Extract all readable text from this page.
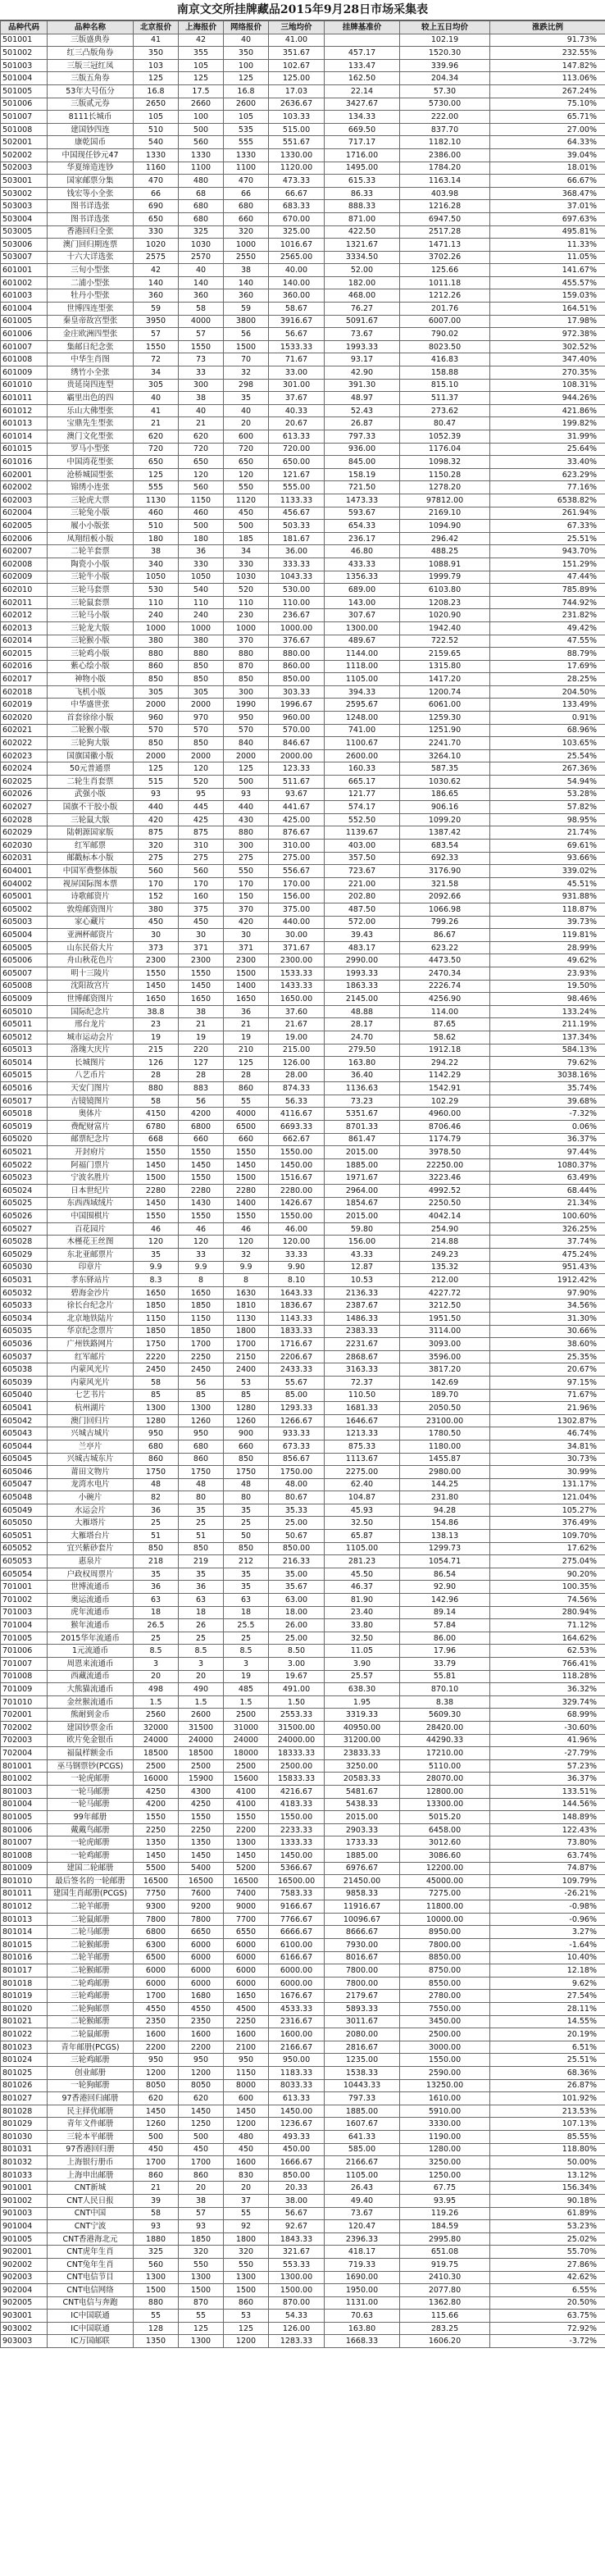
南京文交所挂牌藏品2015年9月28日市场采集表
品种代码	品种名称	北京报价	上海报价	网络报价	三地均价	挂牌基准价	较上五日均价	涨跌比例
501001	三版盛典券	41	42	40	41.00		102.19	91.73%
501002	红三凸版角券	350	355	350	351.67	457.17	1520.30	232.55%
501003	三版三冠红凤	103	105	100	102.67	133.47	339.96	147.82%
501004	三版五角券	125	125	125	125.00	162.50	204.34	113.06%
501005	53年大号伍分	16.8	17.5	16.8	17.03	22.14	57.30	267.24%
501006	三版贰元券	2650	2660	2600	2636.67	3427.67	5730.00	75.10%
501007	8111长城币	105	100	105	103.33	134.33	222.00	65.71%
501008	建国钞四连	510	500	535	515.00	669.50	837.70	27.00%
502001	康乾国币	540	560	555	551.67	717.17	1182.10	64.33%
502002	中国现任钞元47	1330	1330	1330	1330.00	1716.00	2386.00	39.04%
502003	华夏缔造连钞	1160	1100	1100	1120.00	1495.00	1784.20	18.01%
503001	国家邮票分集	470	480	470	473.33	615.33	1163.14	66.67%
503002	钱宏等小全张	66	68	66	66.67	86.33	403.98	368.47%
503003	图书详选张	690	680	680	683.33	888.33	1216.28	37.01%
503004	图书详选张	650	680	660	670.00	871.00	6947.50	697.63%
503005	香港回归全张	330	325	320	325.00	422.50	2517.28	495.81%
503006	澳门回归期连票	1020	1030	1000	1016.67	1321.67	1471.13	11.33%
503007	十六大详选张	2575	2570	2550	2565.00	3334.50	3702.26	11.05%
601001	三旬小型张	42	40	38	40.00	52.00	125.66	141.67%
601002	二浦小型张	140	140	140	140.00	182.00	1011.18	455.57%
601003	牡丹小型张	360	360	360	360.00	468.00	1212.26	159.03%
601004	世博四连型张	59	58	59	58.67	76.27	201.76	164.51%
601005	秦皇帝故宫型张	3950	4000	3800	3916.67	5091.67	6007.00	17.98%
601006	金庄欧洲四型张	57	57	56	56.67	73.67	790.02	972.38%
601007	集邮日纪念张	1550	1550	1500	1533.33	1993.33	8023.50	302.52%
601008	中华生肖图	72	73	70	71.67	93.17	416.83	347.40%
601009	绣竹小全张	34	33	32	33.00	42.90	158.88	270.35%
601010	贵延岗四连型	305	300	298	301.00	391.30	815.10	108.31%
601011	霸里出色的四	40	38	35	37.67	48.97	511.37	944.26%
601012	乐山大佛型张	41	40	40	40.33	52.43	273.62	421.86%
601013	宝鼎先生型张	21	21	20	20.67	26.87	80.47	199.82%
601014	澳门文化型张	620	620	600	613.33	797.33	1052.39	31.99%
601015	罗马小型张	720	720	720	720.00	936.00	1176.04	25.64%
601016	中国湾花型张	650	650	650	650.00	845.00	1098.32	33.40%
602001	沧桥城国型张	125	120	120	121.67	158.19	1150.28	623.29%
602002	锦绣小连张	555	560	550	555.00	721.50	1278.20	77.16%
602003	三轮虎大票	1130	1150	1120	1133.33	1473.33	97812.00	6538.82%
602004	三轮兔小版	460	460	450	456.67	593.67	2169.10	261.94%
602005	履小小版张	510	500	500	503.33	654.33	1094.90	67.33%
602006	凤翔纽板小版	180	180	185	181.67	236.17	296.42	25.51%
602007	二轮羊套票	38	36	34	36.00	46.80	488.25	943.70%
602008	陶瓷小小版	340	330	330	333.33	433.33	1088.91	151.29%
602009	三轮牛小版	1050	1050	1030	1043.33	1356.33	1999.79	47.44%
602010	三轮马套票	530	540	520	530.00	689.00	6103.80	785.89%
602011	三轮鼠套票	110	110	110	110.00	143.00	1208.23	744.92%
602012	三轮马小版	240	240	230	236.67	307.67	1020.90	231.82%
602013	三轮龙大版	1000	1000	1000	1000.00	1300.00	1942.40	49.42%
602014	三轮猴小版	380	380	370	376.67	489.67	722.52	47.55%
602015	三轮鸡小版	880	880	880	880.00	1144.00	2159.65	88.79%
602016	紫心绘小版	860	850	870	860.00	1118.00	1315.80	17.69%
602017	神物小版	850	850	850	850.00	1105.00	1417.20	28.25%
602018	飞机小版	305	305	300	303.33	394.33	1200.74	204.50%
602019	中华盛世张	2000	2000	1990	1996.67	2595.67	6061.00	133.49%
602020	首套徐徐小版	960	970	950	960.00	1248.00	1259.30	0.91%
602021	二轮猴小版	570	570	570	570.00	741.00	1251.90	68.96%
602022	三轮狗大版	850	850	840	846.67	1100.67	2241.70	103.65%
602023	国旗国徽小版	2000	2000	2000	2000.00	2600.00	3264.10	25.54%
602024	50元普通票	125	120	125	123.33	160.33	587.35	267.36%
602025	二轮生肖套票	515	520	500	511.67	665.17	1030.62	54.94%
602026	武强小版	93	95	93	93.67	121.77	186.65	53.28%
602027	国旗不干胶小版	440	445	440	441.67	574.17	906.16	57.82%
602028	三轮鼠大版	420	425	430	425.00	552.50	1099.20	98.95%
602029	陆朝源国家版	875	875	880	876.67	1139.67	1387.42	21.74%
602030	红军邮票	320	310	300	310.00	403.00	683.54	69.61%
602031	邮戳标本小版	275	275	275	275.00	357.50	692.33	93.66%
604001	中国军费整体版	560	560	550	556.67	723.67	3176.90	339.02%
604002	视屏国际图本票	170	170	170	170.00	221.00	321.58	45.51%
605001	诗歌邮资片	152	160	150	156.00	202.80	2092.66	931.88%
605002	敦煌邮资图片	380	375	370	375.00	487.50	1066.98	118.87%
605003	家心藏片	450	450	420	440.00	572.00	799.26	39.73%
605004	亚洲杯邮资片	30	30	30	30.00	39.43	86.67	119.81%
605005	山东民俗大片	373	371	371	371.67	483.17	623.22	28.99%
605006	舟山秋花色片	2300	2300	2300	2300.00	2990.00	4473.50	49.62%
605007	明十三陵片	1550	1550	1500	1533.33	1993.33	2470.34	23.93%
605008	沈阳故宫片	1450	1450	1400	1433.33	1863.33	2226.74	19.50%
605009	世博邮资图片	1650	1650	1650	1650.00	2145.00	4256.90	98.46%
605010	国际纪念片	38.8	38	36	37.60	48.88	114.00	133.24%
605011	邢台龙片	23	21	21	21.67	28.17	87.65	211.19%
605012	城市运动会片	19	19	19	19.00	24.70	58.62	137.34%
605013	洛瑰大庆片	215	220	210	215.00	279.50	1912.18	584.13%
605014	长城图片	126	127	125	126.00	163.80	294.22	79.62%
605015	八艺币片	28	28	28	28.00	36.40	1142.29	3038.16%
605016	天安门图片	880	883	860	874.33	1136.63	1542.91	35.74%
605017	古镜镜图片	58	56	55	56.33	73.23	102.29	39.68%
605018	奥体片	4150	4200	4000	4116.67	5351.67	4960.00	-7.32%
605019	费配财富片	6780	6800	6500	6693.33	8701.33	8706.46	0.06%
605020	邮票纪念片	668	660	660	662.67	861.47	1174.79	36.37%
605021	开封府片	1550	1550	1550	1550.00	2015.00	3978.50	97.44%
605022	阿福门票片	1450	1450	1450	1450.00	1885.00	22250.00	1080.37%
605023	宁波名胜片	1500	1550	1500	1516.67	1971.67	3223.46	63.49%
605024	日本世纪片	2280	2280	2280	2280.00	2964.00	4992.52	68.44%
605025	东西西域绒片	1450	1430	1400	1426.67	1854.67	2250.50	21.34%
605026	中国围棋片	1550	1550	1550	1550.00	2015.00	4042.14	100.60%
605027	百花园片	46	46	46	46.00	59.80	254.90	326.25%
605028	木槿花王丝图	120	120	120	120.00	156.00	214.88	37.74%
605029	东北亚邮票片	35	33	32	33.33	43.33	249.23	475.24%
605030	印章片	9.9	9.9	9.9	9.90	12.87	135.32	951.43%
605031	孝东驿站片	8.3	8	8	8.10	10.53	212.00	1912.42%
605032	碧海金沙片	1650	1650	1630	1643.33	2136.33	4227.72	97.90%
605033	徐长台纪念片	1850	1850	1810	1836.67	2387.67	3212.50	34.56%
605034	北京地铁陆片	1150	1150	1130	1143.33	1486.33	1951.50	31.30%
605035	华京纪念票片	1850	1850	1800	1833.33	2383.33	3114.00	30.66%
605036	广州铁路网片	1750	1700	1700	1716.67	2231.67	3093.00	38.60%
605037	红军邮片	2220	2250	2150	2206.67	2868.67	3596.00	25.35%
605038	内蒙风光片	2450	2450	2400	2433.33	3163.33	3817.20	20.67%
605039	内蒙风光片	58	56	53	55.67	72.37	142.69	97.15%
605040	七艺书片	85	85	85	85.00	110.50	189.70	71.67%
605041	杭州湖片	1300	1300	1280	1293.33	1681.33	2050.50	21.96%
605042	澳门回归片	1280	1260	1260	1266.67	1646.67	23100.00	1302.87%
605043	兴城古城片	950	950	900	933.33	1213.33	1780.50	46.74%
605044	兰亭片	680	680	660	673.33	875.33	1180.00	34.81%
605045	兴城古城东片	860	860	850	856.67	1113.67	1455.87	30.73%
605046	莆田文物片	1750	1750	1750	1750.00	2275.00	2980.00	30.99%
605047	龙湾水电片	48	48	48	48.00	62.40	144.25	131.17%
605048	小碗片	82	80	80	80.67	104.87	231.80	121.04%
605049	水运会片	36	35	35	35.33	45.93	94.28	105.27%
605050	大雁塔片	25	25	25	25.00	32.50	154.86	376.49%
605051	大雁塔台片	51	51	50	50.67	65.87	138.13	109.70%
605052	宜兴紫砂套片	850	850	850	850.00	1105.00	1299.73	17.62%
605053	惠泉片	218	219	212	216.33	281.23	1054.71	275.04%
605054	户政权周票片	35	35	35	35.00	45.50	86.54	90.20%
701001	世博流通币	36	36	35	35.67	46.37	92.90	100.35%
701002	奥运流通币	63	63	63	63.00	81.90	142.96	74.56%
701003	虎年流通币	18	18	18	18.00	23.40	89.14	280.94%
701004	猴年流通币	26.5	26	25.5	26.00	33.80	57.84	71.12%
701005	2015华年流通币	25	25	25	25.00	32.50	86.00	164.62%
701006	1元流通币	8.5	8.5	8.5	8.50	11.05	17.96	62.53%
701007	周恩来流通币	3	3	3	3.00	3.90	33.79	766.41%
701008	西藏流通币	20	20	19	19.67	25.57	55.81	118.28%
701009	大熊猫流通币	498	490	485	491.00	638.30	870.10	36.32%
701010	金丝猴流通币	1.5	1.5	1.5	1.50	1.95	8.38	329.74%
702001	熊耐到金币	2560	2600	2500	2553.33	3319.33	5609.30	68.99%
702002	建国钞票金币	32000	31500	31000	31500.00	40950.00	28420.00	-30.60%
702003	欧片免金银币	24000	24000	24000	24000.00	31200.00	44290.33	41.96%
702004	福鼠样额金币	18500	18500	18000	18333.33	23833.33	17210.00	-27.79%
801001	巫马钢票钞(PCGS)	2500	2500	2500	2500.00	3250.00	5110.00	57.23%
801002	一轮虎邮册	16000	15900	15600	15833.33	20583.33	28070.00	36.37%
801003	一轮马邮册	4250	4300	4100	4216.67	5481.67	12800.00	133.51%
801004	一轮马邮册	4200	4250	4100	4183.33	5438.33	13300.00	144.56%
801005	99年邮册	1550	1550	1550	1550.00	2015.00	5015.20	148.89%
801006	戴戴鸟邮册	2250	2250	2200	2233.33	2903.33	6458.00	122.43%
801007	一轮虎邮册	1350	1350	1300	1333.33	1733.33	3012.60	73.80%
801008	一轮鸡邮册	1450	1450	1450	1450.00	1885.00	3086.60	63.74%
801009	建国二轮邮册	5500	5400	5200	5366.67	6976.67	12200.00	74.87%
801010	最后签名的一轮邮册	16500	16500	16500	16500.00	21450.00	45000.00	109.79%
801011	建国生肖邮册(PCGS)	7750	7600	7400	7583.33	9858.33	7275.00	-26.21%
801012	二轮羊邮册	9300	9200	9000	9166.67	11916.67	11800.00	-0.98%
801013	二轮鼠邮册	7800	7800	7700	7766.67	10096.67	10000.00	-0.96%
801014	二轮马邮册	6800	6650	6550	6666.67	8666.67	8950.00	3.27%
801015	二轮猴邮册	6300	6000	6000	6100.00	7930.00	7800.00	-1.64%
801016	二轮羊邮册	6500	6000	6000	6166.67	8016.67	8850.00	10.40%
801017	二轮猴邮册	6000	6000	6000	6000.00	7800.00	8750.00	12.18%
801018	二轮鸡邮册	6000	6000	6000	6000.00	7800.00	8550.00	9.62%
801019	三轮鸡邮册	1700	1680	1650	1676.67	2179.67	2780.00	27.54%
801020	二轮狗邮票	4550	4550	4500	4533.33	5893.33	7550.00	28.11%
801021	二轮猴邮册	2350	2350	2250	2316.67	3011.67	3450.00	14.55%
801022	二轮鼠邮册	1600	1600	1600	1600.00	2080.00	2500.00	20.19%
801023	青年邮册(PCGS)	2200	2200	2100	2166.67	2816.67	3000.00	6.51%
801024	三轮鸡邮册	950	950	950	950.00	1235.00	1550.00	25.51%
801025	创业邮册	1200	1200	1150	1183.33	1538.33	2590.00	68.36%
801026	一轮狗邮册	8050	8050	8000	8033.33	10443.33	13250.00	26.87%
801027	97香港回归邮册	620	620	600	613.33	797.33	1610.00	101.92%
801028	民主择优邮册	1450	1450	1450	1450.00	1885.00	5910.00	213.53%
801029	青年文件邮册	1260	1250	1200	1236.67	1607.67	3330.00	107.13%
801030	三轮本平邮册	500	500	480	493.33	641.33	1190.00	85.55%
801031	97香港回归册	450	450	450	450.00	585.00	1280.00	118.80%
801032	上海银行册币	1700	1700	1600	1666.67	2166.67	3250.00	50.00%
801033	上海申出邮册	860	860	830	850.00	1105.00	1250.00	13.12%
901001	CNT新城	21	20	20	20.33	26.43	67.75	156.34%
901002	CNT人民日报	39	38	37	38.00	49.40	93.95	90.18%
901003	CNT中国	58	57	55	56.67	73.67	119.26	61.89%
901004	CNT宁波	93	93	92	92.67	120.47	184.59	53.23%
901005	CNT香港海北元	1880	1850	1800	1843.33	2396.33	2995.80	25.02%
902001	CNT虎年生肖	325	320	320	321.67	418.17	651.08	55.70%
902002	CNT兔年生肖	560	550	550	553.33	719.33	919.75	27.86%
902003	CNT电信节目	1300	1300	1300	1300.00	1690.00	2410.30	42.62%
902004	CNT电信网络	1500	1500	1500	1500.00	1950.00	2077.80	6.55%
902005	CNT电信与奔跑	880	870	860	870.00	1131.00	1362.80	20.50%
903001	IC中国联通	55	55	53	54.33	70.63	115.66	63.75%
903002	IC中国联通	128	125	125	126.00	163.80	283.25	72.92%
903003	IC万国邮联	1350	1300	1200	1283.33	1668.33	1606.20	-3.72%
